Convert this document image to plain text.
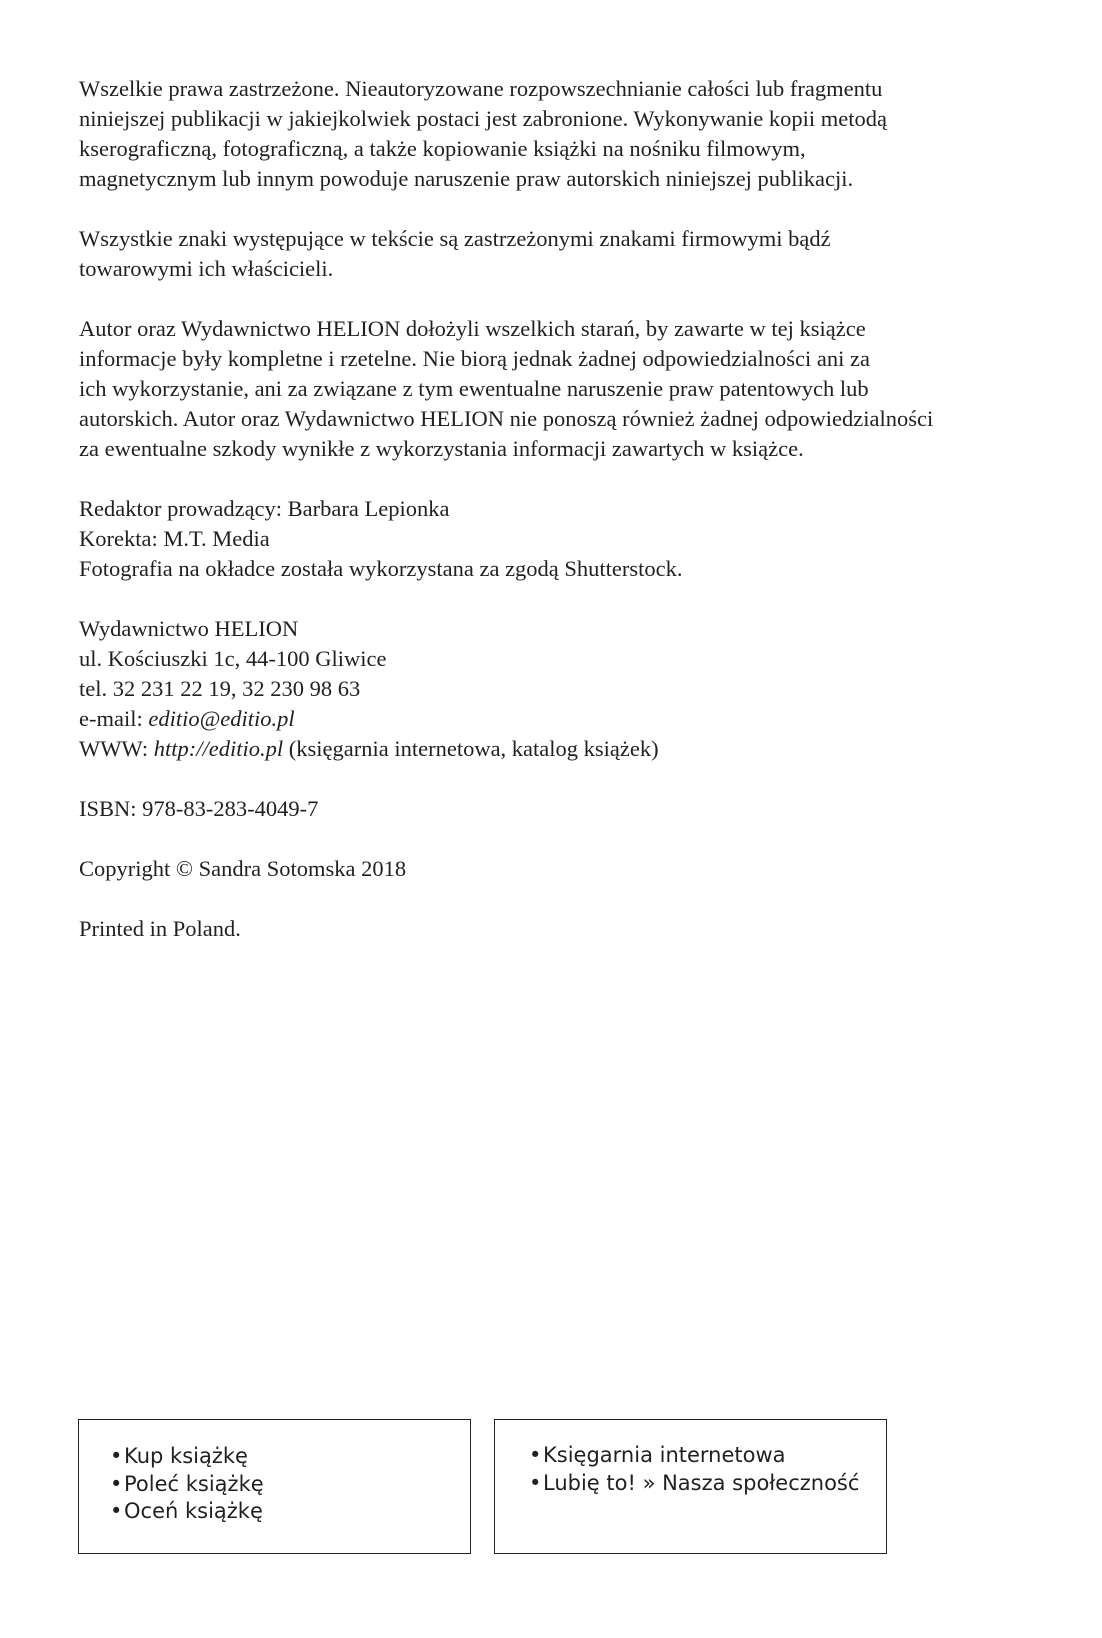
Wszelkie prawa zastrzeżone. Nieautoryzowane rozpowszechnianie całości lub fragmentu
niniejszej publikacji w jakiejkolwiek postaci jest zabronione. Wykonywanie kopii metodą
kserograficzną, fotograficzną, a także kopiowanie książki na nośniku filmowym,
magnetycznym lub innym powoduje naruszenie praw autorskich niniejszej publikacji.

Wszystkie znaki występujące w tekście są zastrzeżonymi znakami firmowymi bądź
towarowymi ich właścicieli.

Autor oraz Wydawnictwo HELION dołożyli wszelkich starań, by zawarte w tej książce
informacje były kompletne i rzetelne. Nie biorą jednak żadnej odpowiedzialności ani za
ich wykorzystanie, ani za związane z tym ewentualne naruszenie praw patentowych lub
autorskich. Autor oraz Wydawnictwo HELION nie ponoszą również żadnej odpowiedzialności
za ewentualne szkody wynikłe z wykorzystania informacji zawartych w książce.

Redaktor prowadzący: Barbara Lepionka
Korekta: M.T. Media
Fotografia na okładce została wykorzystana za zgodą Shutterstock.

Wydawnictwo HELION
ul. Kościuszki 1c, 44-100 Gliwice
tel. 32 231 22 19, 32 230 98 63
e-mail: editio@editio.pl
WWW: http://editio.pl (księgarnia internetowa, katalog książek)

ISBN: 978-83-283-4049-7

Copyright © Sandra Sotomska 2018

Printed in Poland.

•Kup książkę
•Poleć książkę
•Oceń książkę
•Księgarnia internetowa
•Lubię to! » Nasza społeczność
